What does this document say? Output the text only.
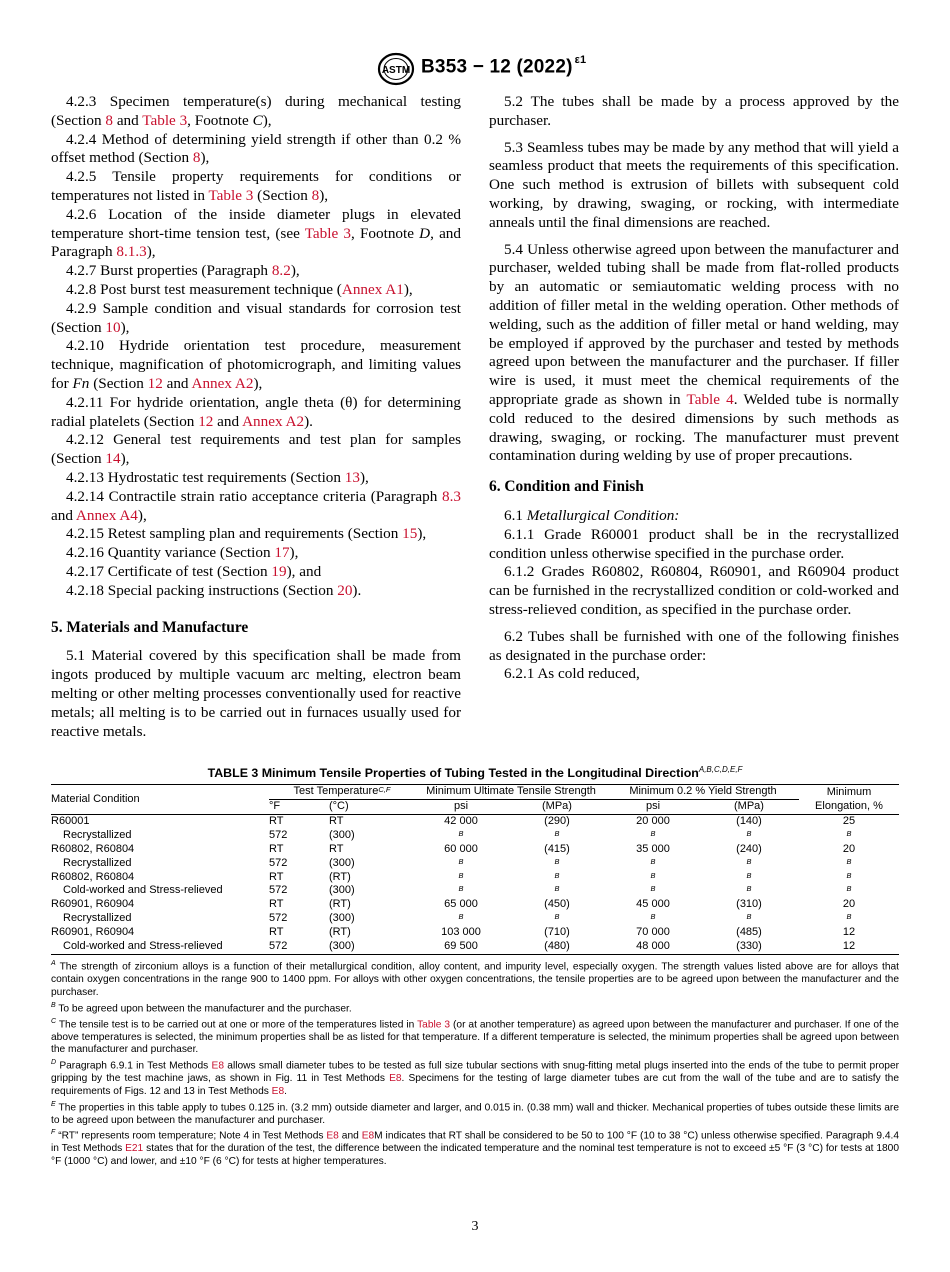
ASTM B353 − 12 (2022) $^{\varepsilon 1}$

4.2.3 Specimen temperature(s) during mechanical testing (Section 8 and Table 3, Footnote C),

4.2.4 Method of determining yield strength if other than 0.2 % offset method (Section 8),

4.2.5 Tensile property requirements for conditions or temperatures not listed in Table 3 (Section 8),

4.2.6 Location of the inside diameter plugs in elevated temperature short-time tension test, (see Table 3, Footnote D, and Paragraph 8.1.3),

4.2.7 Burst properties (Paragraph 8.2),

4.2.8 Post burst test measurement technique (Annex A1),

4.2.9 Sample condition and visual standards for corrosion test (Section 10),

4.2.10 Hydride orientation test procedure, measurement technique, magnification of photomicrograph, and limiting values for Fn (Section 12 and Annex A2),

4.2.11 For hydride orientation, angle theta (θ) for determining radial platelets (Section 12 and Annex A2).

4.2.12 General test requirements and test plan for samples (Section 14),

4.2.13 Hydrostatic test requirements (Section 13),

4.2.14 Contractile strain ratio acceptance criteria (Paragraph 8.3 and Annex A4),

4.2.15 Retest sampling plan and requirements (Section 15),

4.2.16 Quantity variance (Section 17),

4.2.17 Certificate of test (Section 19), and

4.2.18 Special packing instructions (Section 20).

5. Materials and Manufacture

5.1 Material covered by this specification shall be made from ingots produced by multiple vacuum arc melting, electron beam melting or other melting processes conventionally used for reactive metals; all melting is to be carried out in furnaces usually used for reactive metals.

5.2 The tubes shall be made by a process approved by the purchaser.

5.3 Seamless tubes may be made by any method that will yield a seamless product that meets the requirements of this specification. One such method is extrusion of billets with subsequent cold working, by drawing, swaging, or rocking, with intermediate anneals until the final dimensions are reached.

5.4 Unless otherwise agreed upon between the manufacturer and purchaser, welded tubing shall be made from flat-rolled products by an automatic or semiautomatic welding process with no addition of filler metal in the welding operation. Other methods of welding, such as the addition of filler metal or hand welding, may be employed if approved by the purchaser and tested by methods agreed upon between the manufacturer and the purchaser. If filler wire is used, it must meet the chemical requirements of the appropriate grade as shown in Table 4. Welded tube is normally cold reduced to the desired dimensions by such methods as drawing, swaging, or rocking. The manufacturer must prevent contamination during welding by use of proper precautions.

6. Condition and Finish

6.1 Metallurgical Condition:

6.1.1 Grade R60001 product shall be in the recrystallized condition unless otherwise specified in the purchase order.

6.1.2 Grades R60802, R60804, R60901, and R60904 product can be furnished in the recrystallized condition or cold-worked and stress-relieved condition, as specified in the purchase order.

6.2 Tubes shall be furnished with one of the following finishes as designated in the purchase order:

6.2.1 As cold reduced,

TABLE 3 Minimum Tensile Properties of Tubing Tested in the Longitudinal Direction$^{A,B,C,D,E,F}$
Material Condition	Test Temperature$^{C,F}$		Minimum Ultimate Tensile Strength		Minimum 0.2 % Yield Strength		Minimum
Elongation, %
	°F	(°C)	psi	(MPa)	psi	(MPa)	
R60001	RT	RT	42 000	(290)	20 000	(140)	25
Recrystallized	572	(300)	$^B$	$^B$	$^B$	$^B$	$^B$
R60802, R60804	RT	RT	60 000	(415)	35 000	(240)	20
Recrystallized	572	(300)	$^B$	$^B$	$^B$	$^B$	$^B$
R60802, R60804	RT	(RT)	$^B$	$^B$	$^B$	$^B$	$^B$
Cold-worked and Stress-relieved	572	(300)	$^B$	$^B$	$^B$	$^B$	$^B$
R60901, R60904	RT	(RT)	65 000	(450)	45 000	(310)	20
Recrystallized	572	(300)	$^B$	$^B$	$^B$	$^B$	$^B$
R60901, R60904	RT	(RT)	103 000	(710)	70 000	(485)	12
Cold-worked and Stress-relieved	572	(300)	69 500	(480)	48 000	(330)	12

$^A$ The strength of zirconium alloys is a function of their metallurgical condition, alloy content, and impurity level, especially oxygen. The strength values listed above are for alloys that contain oxygen concentrations in the range 900 to 1400 ppm. For alloys with other oxygen concentrations, the tensile properties are to be agreed upon between the manufacturer and the purchaser.

$^B$ To be agreed upon between the manufacturer and the purchaser.

$^C$ The tensile test is to be carried out at one or more of the temperatures listed in Table 3 (or at another temperature) as agreed upon between the manufacturer and purchaser. If one of the above temperatures is selected, the minimum properties shall be as listed for that temperature. If a different temperature is selected, the minimum properties shall be agreed upon between the manufacturer and purchaser.

$^D$ Paragraph 6.9.1 in Test Methods E8 allows small diameter tubes to be tested as full size tubular sections with snug-fitting metal plugs inserted into the ends of the tube to permit proper gripping by the test machine jaws, as shown in Fig. 11 in Test Methods E8. Specimens for the testing of large diameter tubes are cut from the wall of the tube and are to satisfy the requirements of Figs. 12 and 13 in Test Methods E8.

$^E$ The properties in this table apply to tubes 0.125 in. (3.2 mm) outside diameter and larger, and 0.015 in. (0.38 mm) wall and thicker. Mechanical properties of tubes outside these limits are to be agreed upon between the manufacturer and purchaser.

$^F$ “RT” represents room temperature; Note 4 in Test Methods E8 and E8M indicates that RT shall be considered to be 50 to 100 °F (10 to 38 °C) unless otherwise specified. Paragraph 9.4.4 in Test Methods E21 states that for the duration of the test, the difference between the indicated temperature and the nominal test temperature is not to exceed ±5 °F (3 °C) for tests at 1800 °F (1000 °C) and lower, and ±10 °F (6 °C) for tests at higher temperatures.

3
